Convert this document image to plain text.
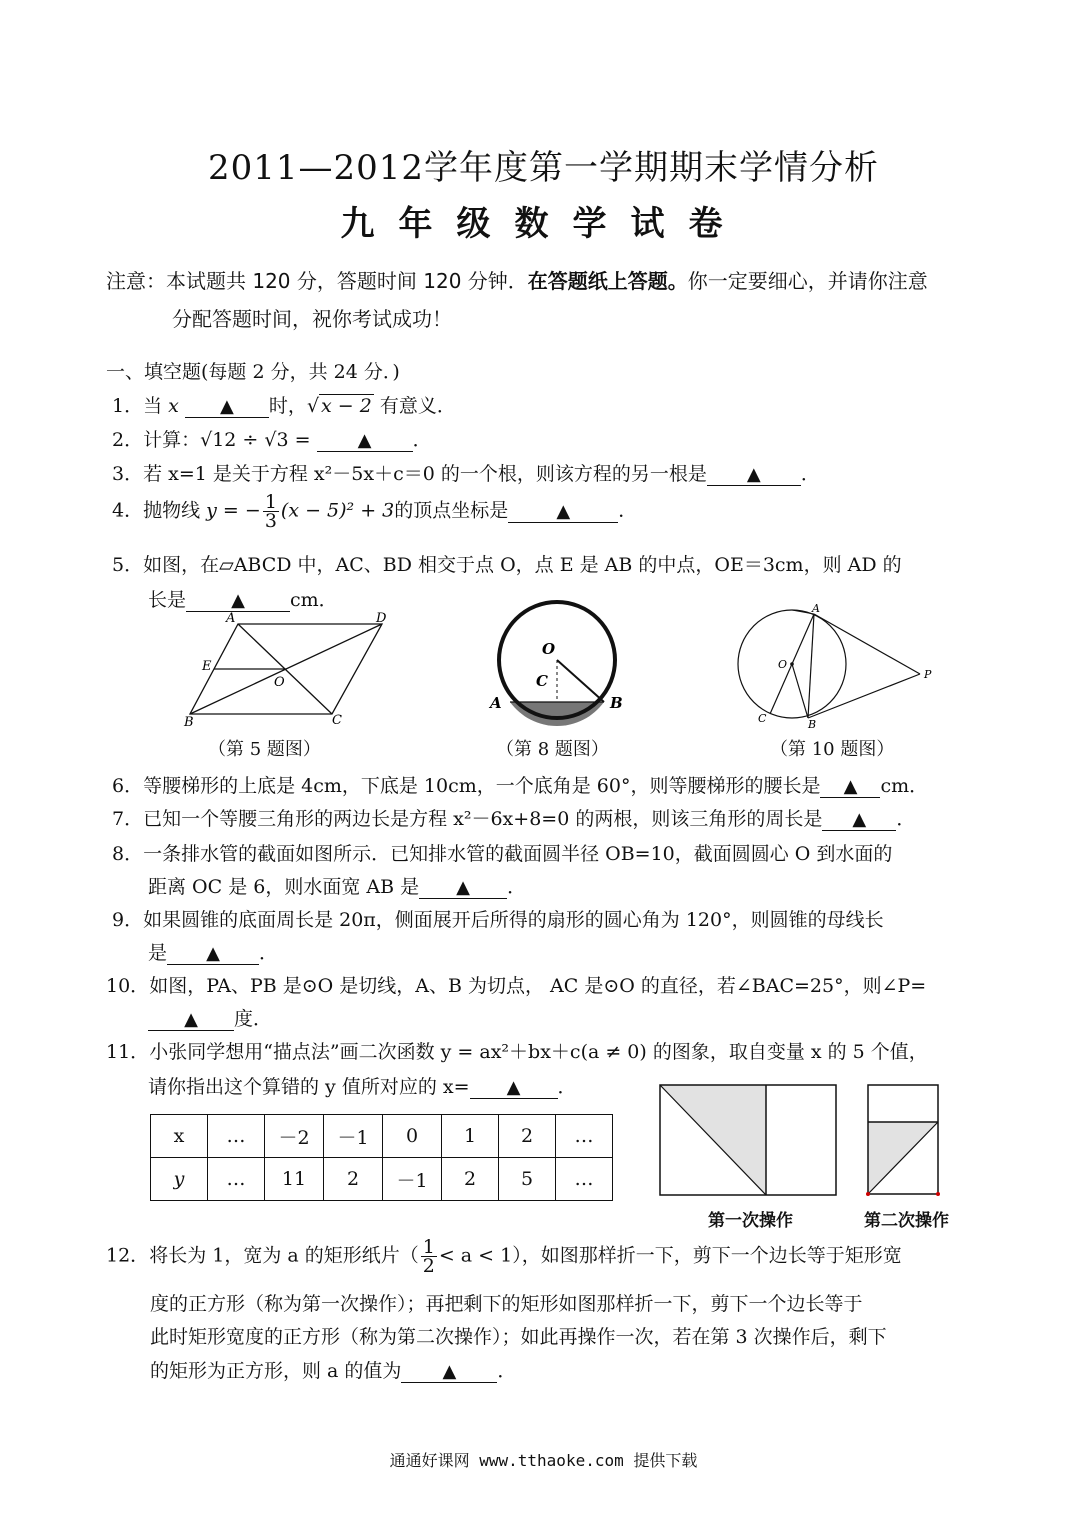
2011—2012学年度第一学期期末学情分析
九年级数学试卷
注意：本试题共 120 分，答题时间 120 分钟．在答题纸上答题。你一定要细心，并请你注意
分配答题时间，祝你考试成功！
一、填空题(每题 2 分，共 24 分．)
1．当 x ▲ 时，√ x − 2 有意义．
2．计算：√12 ÷ √3 =	▲ ．
3．若 x=1 是关于方程 x²－5x＋c＝0 的一个根，则该方程的另一根是 ▲ ．
4．抛物线 y = − $\frac{1}{3} (x - 5)^2 + 3$的顶点坐标是	▲	．
5．如图，在▱ABCD 中，AC、BD 相交于点 O，点 E 是 AB 的中点，OE＝3cm，则 AD 的
长是	▲ cm．
A	D
E
O
B	C
（第 5 题图）
O
C
A	B
（第 8 题图）
A
O
P
C	B
（第 10 题图）
6．等腰梯形的上底是 4cm，下底是 10cm，一个底角是 60°，则等腰梯形的腰长是 ▲ cm．
7．已知一个等腰三角形的两边长是方程 x²－6x+8=0 的两根，则该三角形的周长是 ▲ ．
8．一条排水管的截面如图所示．已知排水管的截面圆半径 OB=10，截面圆圆心 O 到水面的
距离 OC 是 6，则水面宽 AB 是 ▲ ．
9．如果圆锥的底面周长是 20π，侧面展开后所得的扇形的圆心角为 120°，则圆锥的母线长
是 ▲ ．
10．如图，PA、PB 是⊙O 是切线，A、B 为切点， AC 是⊙O 的直径，若∠BAC=25°，则∠P=
▲ 度．
11．小张同学想用“描点法”画二次函数 y = ax²＋bx＋c(a ≠ 0) 的图象，取自变量 x 的 5 个值，
请你指出这个算错的 y 值所对应的 x= ▲ ．
x	…	－2	－1	0	1	2	…
y	…	11	2	－1	2	5	…
第一次操作	第二次操作
12．将长为 1，宽为 a 的矩形纸片（ $\frac{1}{2} < a < 1$），如图那样折一下，剪下一个边长等于矩形宽
度的正方形（称为第一次操作）；再把剩下的矩形如图那样折一下，剪下一个边长等于
此时矩形宽度的正方形（称为第二次操作）；如此再操作一次，若在第 3 次操作后，剩下
的矩形为正方形，则 a 的值为 ▲ ．
通通好课网 www.tthaoke.com 提供下载
